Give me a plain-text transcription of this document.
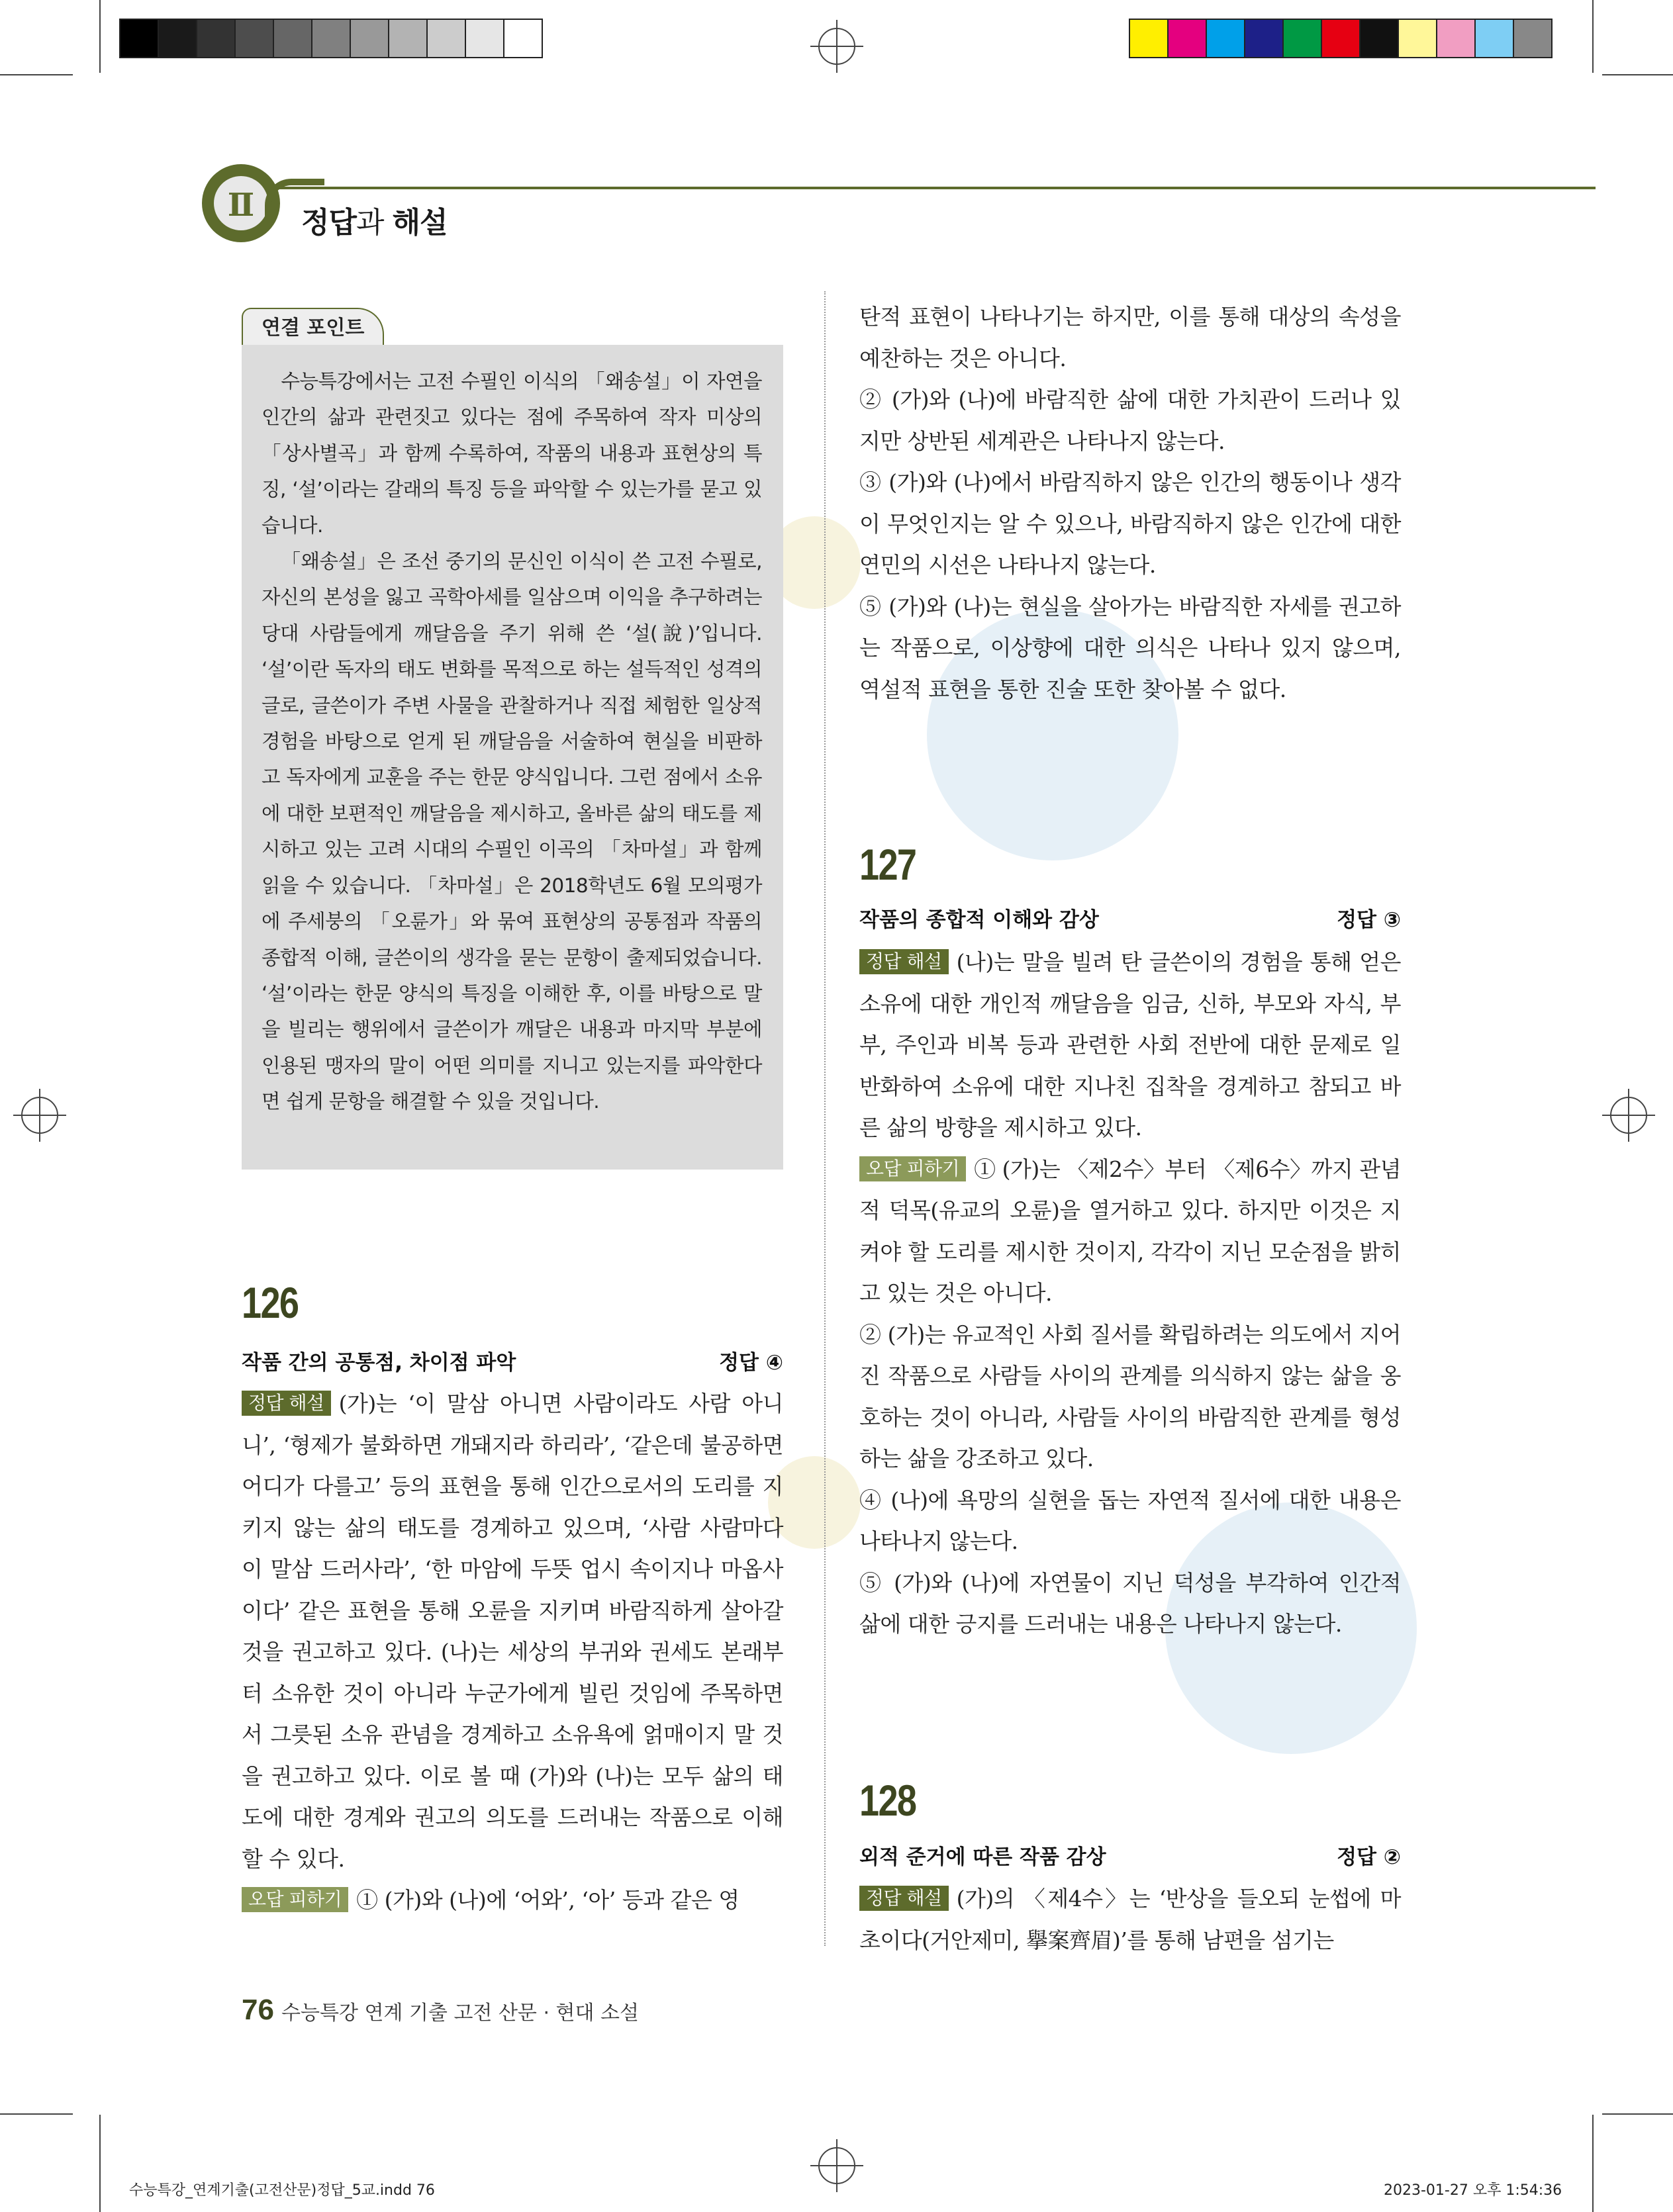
Ⅱ	정답과 해설
연결 포인트

수능특강에서는 고전 수필인 이식의 「왜송설」이 자연을 인간의 삶과 관련짓고 있다는 점에 주목하여 작자 미상의 「상사별곡」과 함께 수록하여, 작품의 내용과 표현상의 특징, ‘설’이라는 갈래의 특징 등을 파악할 수 있는가를 묻고 있습니다.

「왜송설」은 조선 중기의 문신인 이식이 쓴 고전 수필로, 자신의 본성을 잃고 곡학아세를 일삼으며 이익을 추구하려는 당대 사람들에게 깨달음을 주기 위해 쓴 ‘설(說)’입니다. ‘설’이란 독자의 태도 변화를 목적으로 하는 설득적인 성격의 글로, 글쓴이가 주변 사물을 관찰하거나 직접 체험한 일상적 경험을 바탕으로 얻게 된 깨달음을 서술하여 현실을 비판하고 독자에게 교훈을 주는 한문 양식입니다. 그런 점에서 소유에 대한 보편적인 깨달음을 제시하고, 올바른 삶의 태도를 제시하고 있는 고려 시대의 수필인 이곡의 「차마설」과 함께 읽을 수 있습니다. 「차마설」은 2018학년도 6월 모의평가에 주세붕의 「오륜가」와 묶여 표현상의 공통점과 작품의 종합적 이해, 글쓴이의 생각을 묻는 문항이 출제되었습니다. ‘설’이라는 한문 양식의 특징을 이해한 후, 이를 바탕으로 말을 빌리는 행위에서 글쓴이가 깨달은 내용과 마지막 부분에 인용된 맹자의 말이 어떤 의미를 지니고 있는지를 파악한다면 쉽게 문항을 해결할 수 있을 것입니다.

126
작품 간의 공통점, 차이점 파악	정답 ④

정답 해설 (가)는 ‘이 말삼 아니면 사람이라도 사람 아니니’, ‘형제가 불화하면 개돼지라 하리라’, ‘같은데 불공하면 어디가 다를고’ 등의 표현을 통해 인간으로서의 도리를 지키지 않는 삶의 태도를 경계하고 있으며, ‘사람 사람마다 이 말삼 드러사라’, ‘한 마암에 두뜻 업시 속이지나 마옵사이다’ 같은 표현을 통해 오륜을 지키며 바람직하게 살아갈 것을 권고하고 있다. (나)는 세상의 부귀와 권세도 본래부터 소유한 것이 아니라 누군가에게 빌린 것임에 주목하면서 그릇된 소유 관념을 경계하고 소유욕에 얽매이지 말 것을 권고하고 있다. 이로 볼 때 (가)와 (나)는 모두 삶의 태도에 대한 경계와 권고의 의도를 드러내는 작품으로 이해할 수 있다.

오답 피하기 ① (가)와 (나)에 ‘어와’, ‘아’ 등과 같은 영

탄적 표현이 나타나기는 하지만, 이를 통해 대상의 속성을 예찬하는 것은 아니다.

② (가)와 (나)에 바람직한 삶에 대한 가치관이 드러나 있지만 상반된 세계관은 나타나지 않는다.

③ (가)와 (나)에서 바람직하지 않은 인간의 행동이나 생각이 무엇인지는 알 수 있으나, 바람직하지 않은 인간에 대한 연민의 시선은 나타나지 않는다.

⑤ (가)와 (나)는 현실을 살아가는 바람직한 자세를 권고하는 작품으로, 이상향에 대한 의식은 나타나 있지 않으며, 역설적 표현을 통한 진술 또한 찾아볼 수 없다.

127
작품의 종합적 이해와 감상	정답 ③

정답 해설 (나)는 말을 빌려 탄 글쓴이의 경험을 통해 얻은 소유에 대한 개인적 깨달음을 임금, 신하, 부모와 자식, 부부, 주인과 비복 등과 관련한 사회 전반에 대한 문제로 일반화하여 소유에 대한 지나친 집착을 경계하고 참되고 바른 삶의 방향을 제시하고 있다.

오답 피하기 ① (가)는 〈제2수〉부터 〈제6수〉까지 관념적 덕목(유교의 오륜)을 열거하고 있다. 하지만 이것은 지켜야 할 도리를 제시한 것이지, 각각이 지닌 모순점을 밝히고 있는 것은 아니다.

② (가)는 유교적인 사회 질서를 확립하려는 의도에서 지어진 작품으로 사람들 사이의 관계를 의식하지 않는 삶을 옹호하는 것이 아니라, 사람들 사이의 바람직한 관계를 형성하는 삶을 강조하고 있다.

④ (나)에 욕망의 실현을 돕는 자연적 질서에 대한 내용은 나타나지 않는다.

⑤ (가)와 (나)에 자연물이 지닌 덕성을 부각하여 인간적 삶에 대한 긍지를 드러내는 내용은 나타나지 않는다.

128
외적 준거에 따른 작품 감상	정답 ②

정답 해설 (가)의 〈제4수〉는 ‘반상을 들오되 눈썹에 마초이다(거안제미, 擧案齊眉)’를 통해 남편을 섬기는

76 수능특강 연계 기출 고전 산문 · 현대 소설
수능특강_연계기출(고전산문)정답_5교.indd 76	2023-01-27 오후 1:54:36
